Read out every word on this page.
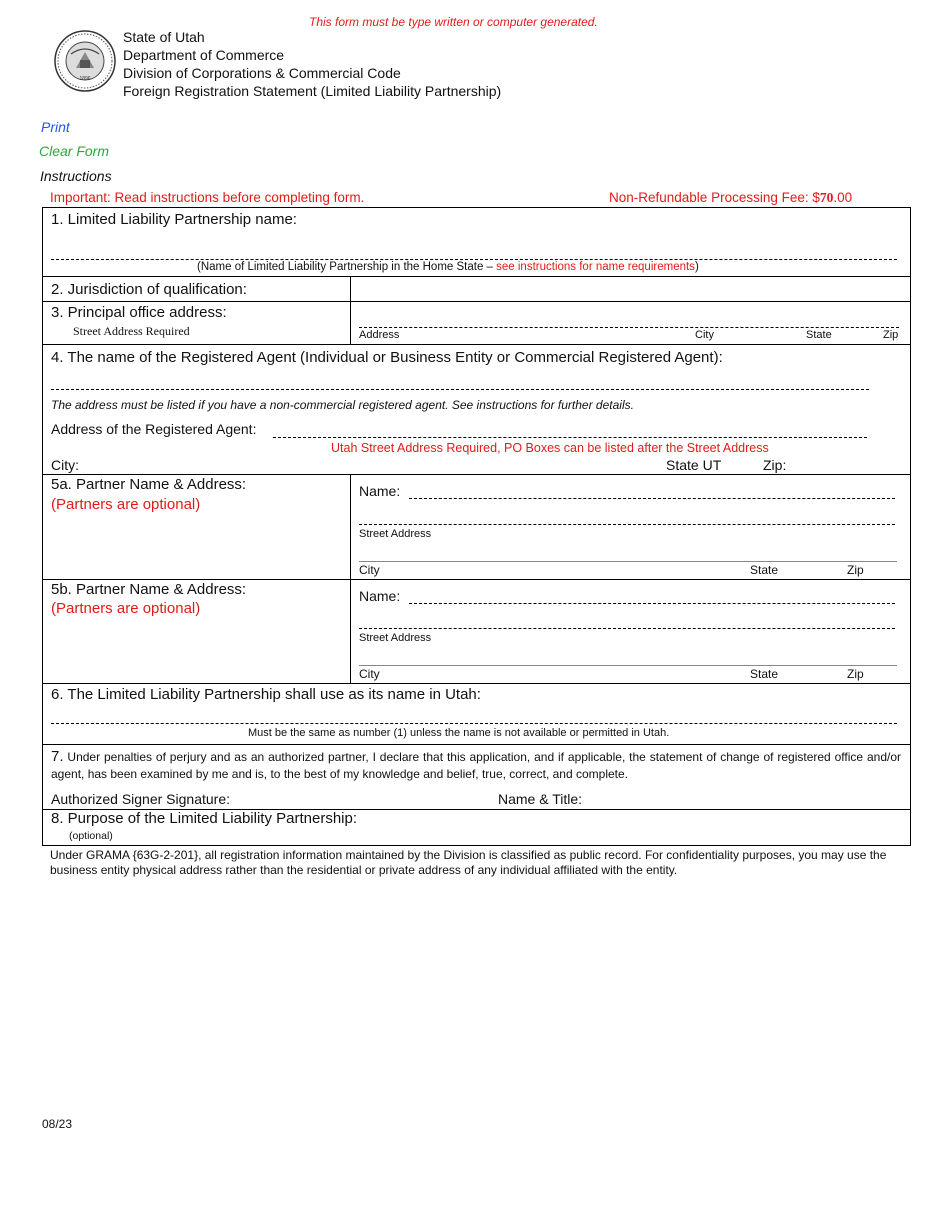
This form must be type written or computer generated.
1896
State of Utah
Department of Commerce
Division of Corporations & Commercial Code
Foreign Registration Statement (Limited Liability Partnership)
Print
Clear Form
Instructions
Important: Read instructions before completing form.	Non-Refundable Processing Fee: $70.00
1. Limited Liability Partnership name:
(Name of Limited Liability Partnership in the Home State – see instructions for name requirements)
2. Jurisdiction of qualification:
3. Principal office address:
Street Address Required	Address	City	State	Zip
4. The name of the Registered Agent (Individual or Business Entity or Commercial Registered Agent):
The address must be listed if you have a non-commercial registered agent. See instructions for further details.
Address of the Registered Agent:
Utah Street Address Required, PO Boxes can be listed after the Street Address
City:	State UT	Zip:
5a. Partner Name & Address:
(Partners are optional)
Name:
Street Address
City	State	Zip
5b. Partner Name & Address:
(Partners are optional)
Name:
Street Address
City	State	Zip
6. The Limited Liability Partnership shall use as its name in Utah:
Must be the same as number (1) unless the name is not available or permitted in Utah.
7. Under penalties of perjury and as an authorized partner, I declare that this application, and if applicable, the statement of change of registered office and/or agent, has been examined by me and is, to the best of my knowledge and belief, true, correct, and complete.
Authorized Signer Signature:	Name & Title:
8. Purpose of the Limited Liability Partnership:
(optional)
Under GRAMA {63G-2-201}, all registration information maintained by the Division is classified as public record. For confidentiality purposes, you may use the business entity physical address rather than the residential or private address of any individual affiliated with the entity.
08/23
